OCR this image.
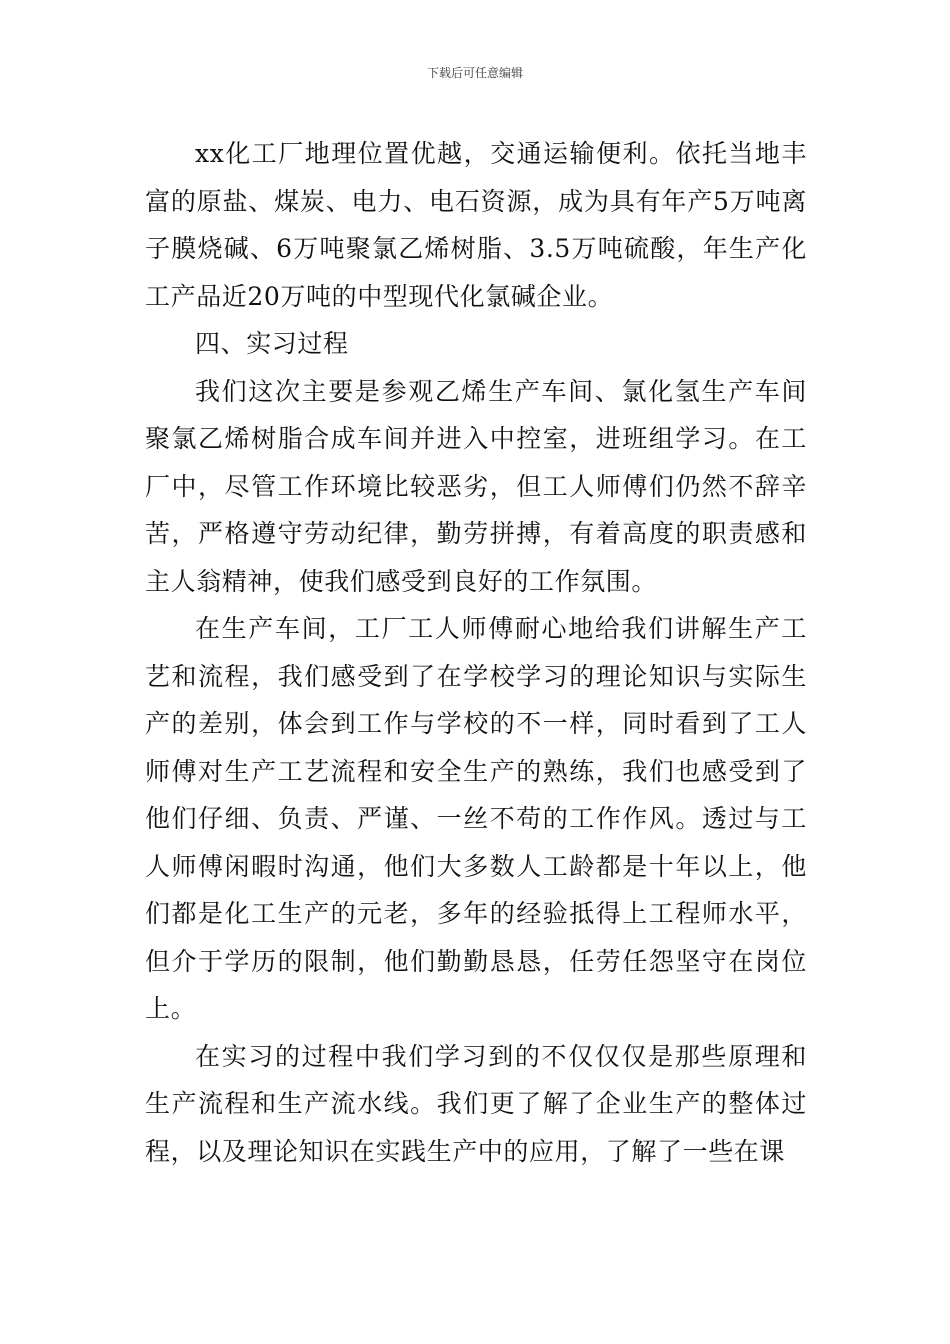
下载后可任意编辑

xx化工厂地理位置优越，交通运输便利。依托当地丰富的原盐、煤炭、电力、电石资源，成为具有年产5万吨离子膜烧碱、6万吨聚氯乙烯树脂、3.5万吨硫酸，年生产化工产品近20万吨的中型现代化氯碱企业。

四、实习过程

我们这次主要是参观乙烯生产车间、氯化氢生产车间聚氯乙烯树脂合成车间并进入中控室，进班组学习。在工厂中，尽管工作环境比较恶劣，但工人师傅们仍然不辞辛苦，严格遵守劳动纪律，勤劳拼搏，有着高度的职责感和主人翁精神，使我们感受到良好的工作氛围。

在生产车间，工厂工人师傅耐心地给我们讲解生产工艺和流程，我们感受到了在学校学习的理论知识与实际生产的差别，体会到工作与学校的不一样，同时看到了工人师傅对生产工艺流程和安全生产的熟练，我们也感受到了他们仔细、负责、严谨、一丝不苟的工作作风。透过与工人师傅闲暇时沟通，他们大多数人工龄都是十年以上，他们都是化工生产的元老，多年的经验抵得上工程师水平，但介于学历的限制，他们勤勤恳恳，任劳任怨坚守在岗位上。

在实习的过程中我们学习到的不仅仅仅是那些原理和生产流程和生产流水线。我们更了解了企业生产的整体过程，以及理论知识在实践生产中的应用，了解了一些在课
